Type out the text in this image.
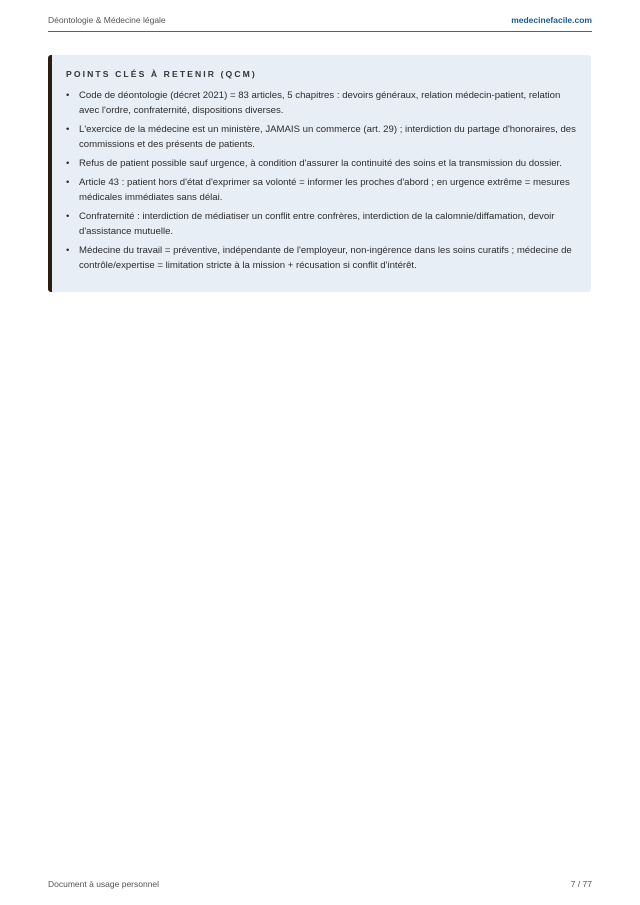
Déontologie & Médecine légale	medecinefacile.com
POINTS CLÉS À RETENIR (QCM)
• Code de déontologie (décret 2021) = 83 articles, 5 chapitres : devoirs généraux, relation médecin-patient, relation avec l'ordre, confraternité, dispositions diverses.
• L'exercice de la médecine est un ministère, JAMAIS un commerce (art. 29) ; interdiction du partage d'honoraires, des commissions et des présents de patients.
• Refus de patient possible sauf urgence, à condition d'assurer la continuité des soins et la transmission du dossier.
• Article 43 : patient hors d'état d'exprimer sa volonté = informer les proches d'abord ; en urgence extrême = mesures médicales immédiates sans délai.
• Confraternité : interdiction de médiatiser un conflit entre confrères, interdiction de la calomnie/diffamation, devoir d'assistance mutuelle.
• Médecine du travail = préventive, indépendante de l'employeur, non-ingérence dans les soins curatifs ; médecine de contrôle/expertise = limitation stricte à la mission + récusation si conflit d'intérêt.
Document à usage personnel	7 / 77
